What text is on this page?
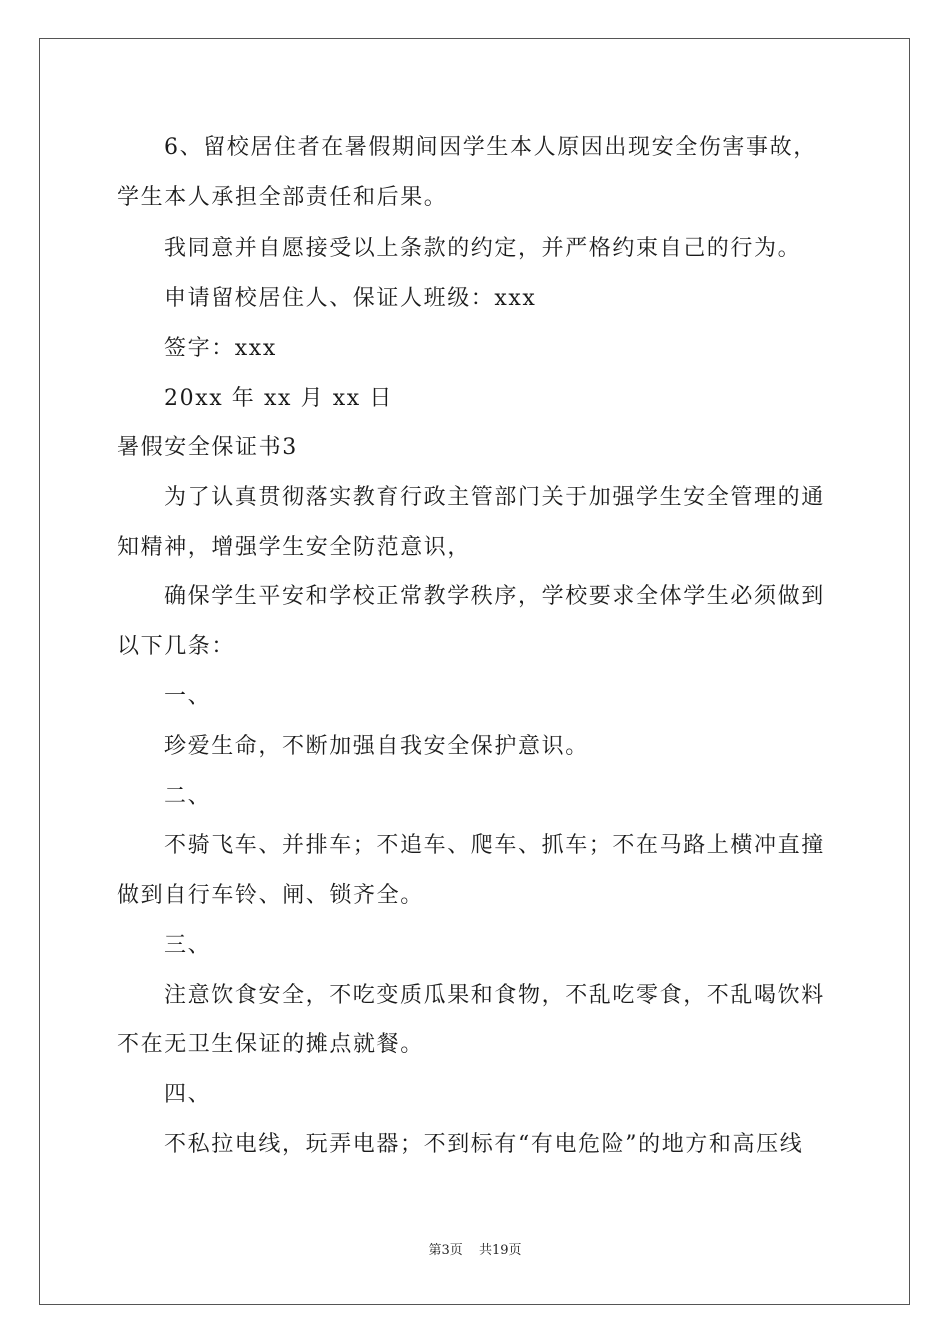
6、留校居住者在暑假期间因学生本人原因出现安全伤害事故，
学生本人承担全部责任和后果。
我同意并自愿接受以上条款的约定，并严格约束自己的行为。
申请留校居住人、保证人班级：xxx
签字：xxx
20xx 年 xx 月 xx 日
暑假安全保证书3
为了认真贯彻落实教育行政主管部门关于加强学生安全管理的通
知精神，增强学生安全防范意识，
确保学生平安和学校正常教学秩序，学校要求全体学生必须做到
以下几条：
一、
珍爱生命，不断加强自我安全保护意识。
二、
不骑飞车、并排车；不追车、爬车、抓车；不在马路上横冲直撞
做到自行车铃、闸、锁齐全。
三、
注意饮食安全，不吃变质瓜果和食物，不乱吃零食，不乱喝饮料
不在无卫生保证的摊点就餐。
四、
不私拉电线，玩弄电器；不到标有“有电危险”的地方和高压线
第3页 共19页
